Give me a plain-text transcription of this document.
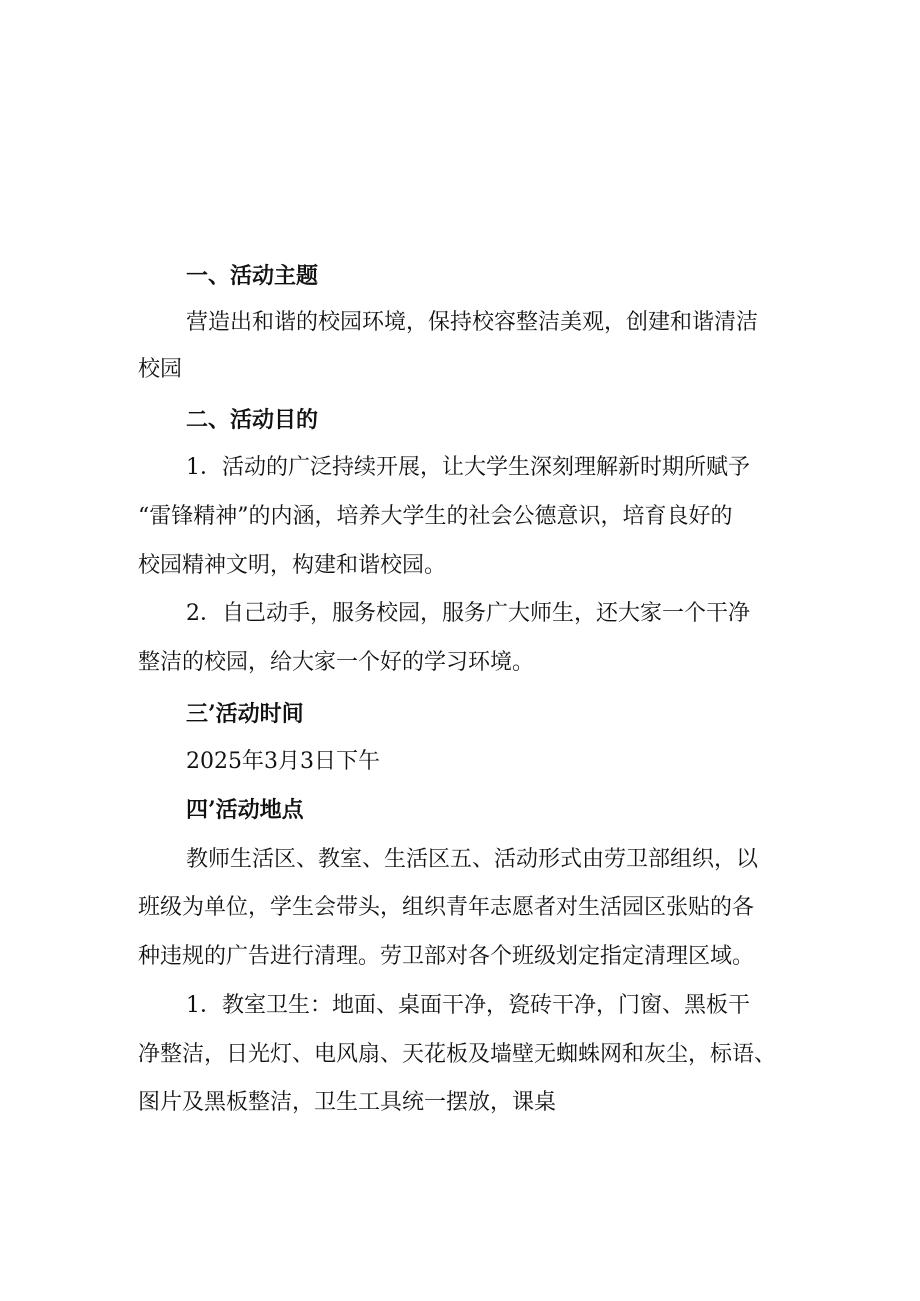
一、活动主题
营造出和谐的校园环境，保持校容整洁美观，创建和谐清洁
校园
二、活动目的
1．活动的广泛持续开展，让大学生深刻理解新时期所赋予
“雷锋精神”的内涵，培养大学生的社会公德意识，培育良好的
校园精神文明，构建和谐校园。
2．自己动手，服务校园，服务广大师生，还大家一个干净
整洁的校园，给大家一个好的学习环境。
三’活动时间
2025年3月3日下午
四’活动地点
教师生活区、教室、生活区五、活动形式由劳卫部组织，以
班级为单位，学生会带头，组织青年志愿者对生活园区张贴的各
种违规的广告进行清理。劳卫部对各个班级划定指定清理区域。
1．教室卫生：地面、桌面干净，瓷砖干净，门窗、黑板干
净整洁，日光灯、电风扇、天花板及墙壁无蜘蛛网和灰尘，标语、
图片及黑板整洁，卫生工具统一摆放，课桌
